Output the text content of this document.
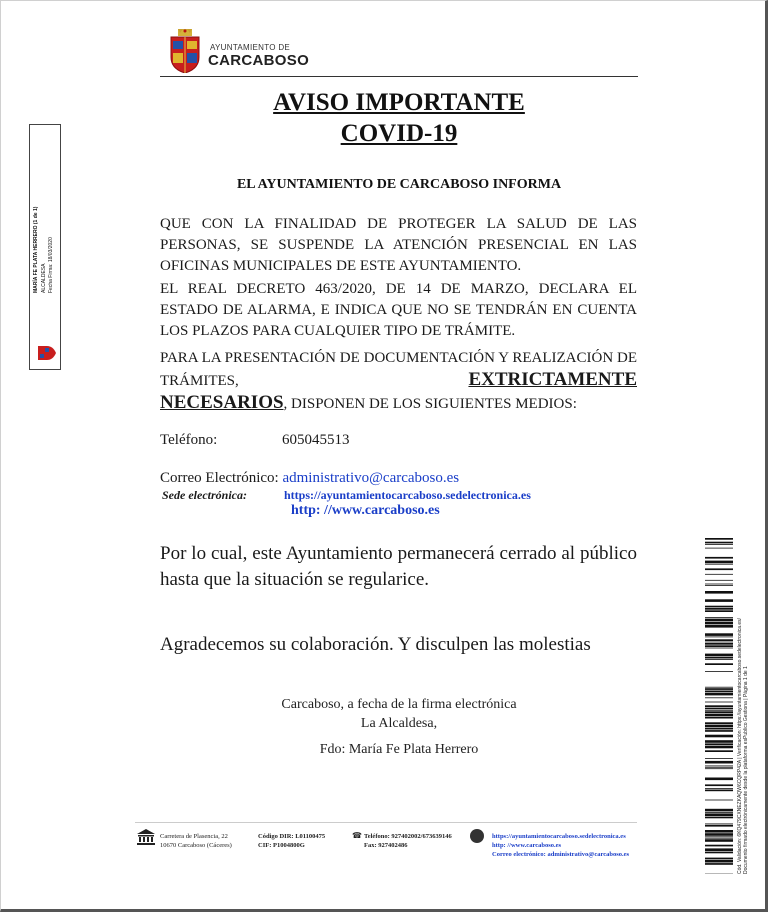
AYUNTAMIENTO DE
CARCABOSO
AVISO IMPORTANTE
COVID-19
EL AYUNTAMIENTO DE CARCABOSO INFORMA
QUE CON LA FINALIDAD DE PROTEGER LA SALUD DE LAS PERSONAS, SE SUSPENDE LA ATENCIÓN PRESENCIAL EN LAS OFICINAS MUNICIPALES DE ESTE AYUNTAMIENTO.
EL REAL DECRETO 463/2020, DE 14 DE MARZO, DECLARA EL ESTADO DE ALARMA, E INDICA QUE NO SE TENDRÁN EN CUENTA LOS PLAZOS PARA CUALQUIER TIPO DE TRÁMITE.
PARA LA PRESENTACIÓN DE DOCUMENTACIÓN Y REALIZACIÓN DE TRÁMITES, EXTRICTAMENTE
NECESARIOS, DISPONEN DE LOS SIGUIENTES MEDIOS:
Teléfono:	605045513
Correo Electrónico: administrativo@carcaboso.es
Sede electrónica:	https://ayuntamientocarcaboso.sedelectronica.es
http: //www.carcaboso.es
Por lo cual, este Ayuntamiento permanecerá cerrado al público hasta que la situación se regularice.
Agradecemos su colaboración. Y disculpen las molestias
Carcaboso, a fecha de la firma electrónica
La Alcaldesa,
Fdo: María Fe Plata Herrero
Carretera de Plasencia, 22
10670 Carcaboso (Cáceres)
Código DIR: L01100475
CIF: P1004800G
☎ Teléfono: 927402002/673639146
Fax: 927402486
https://ayuntamientocarcaboso.sedelectronica.es
http: //www.carcaboso.es
Correo electrónico: administrativo@carcaboso.es
MARÍA FE PLATA HERRERO (1 de 1) ALCALDESA Fecha Firma: 18/03/2020
Cód. Validación: 6KQ479CXNEZKAQW6CQRP42A | Verificación: https://ayuntamientocarcaboso.sedelectronica.es/ Documento firmado electrónicamente desde la plataforma esPublico Gestiona | Página 1 de 1
